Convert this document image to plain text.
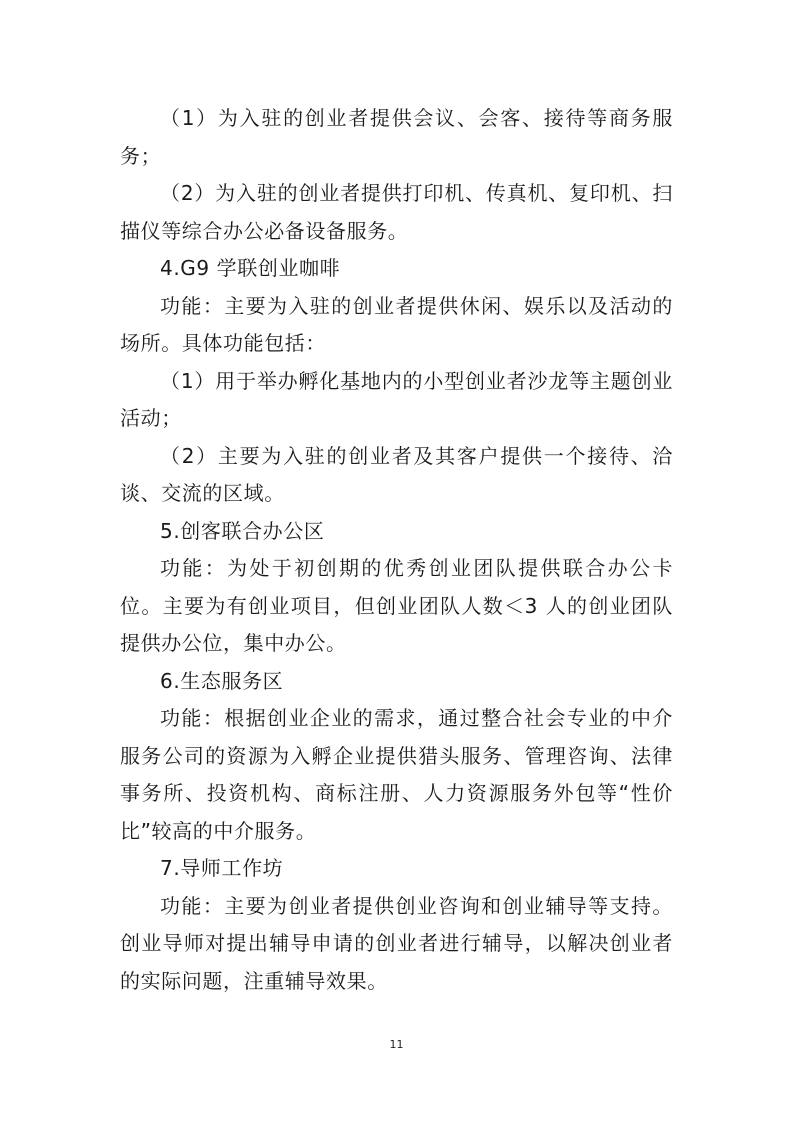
（1）为入驻的创业者提供会议、会客、接待等商务服务；

（2）为入驻的创业者提供打印机、传真机、复印机、扫描仪等综合办公必备设备服务。

4.G9 学联创业咖啡

功能：主要为入驻的创业者提供休闲、娱乐以及活动的场所。具体功能包括：

（1）用于举办孵化基地内的小型创业者沙龙等主题创业活动；

（2）主要为入驻的创业者及其客户提供一个接待、洽谈、交流的区域。

5.创客联合办公区

功能：为处于初创期的优秀创业团队提供联合办公卡位。主要为有创业项目，但创业团队人数＜3 人的创业团队提供办公位，集中办公。

6.生态服务区

功能：根据创业企业的需求，通过整合社会专业的中介服务公司的资源为入孵企业提供猎头服务、管理咨询、法律事务所、投资机构、商标注册、人力资源服务外包等“性价比”较高的中介服务。

7.导师工作坊

功能：主要为创业者提供创业咨询和创业辅导等支持。创业导师对提出辅导申请的创业者进行辅导，以解决创业者的实际问题，注重辅导效果。

11
